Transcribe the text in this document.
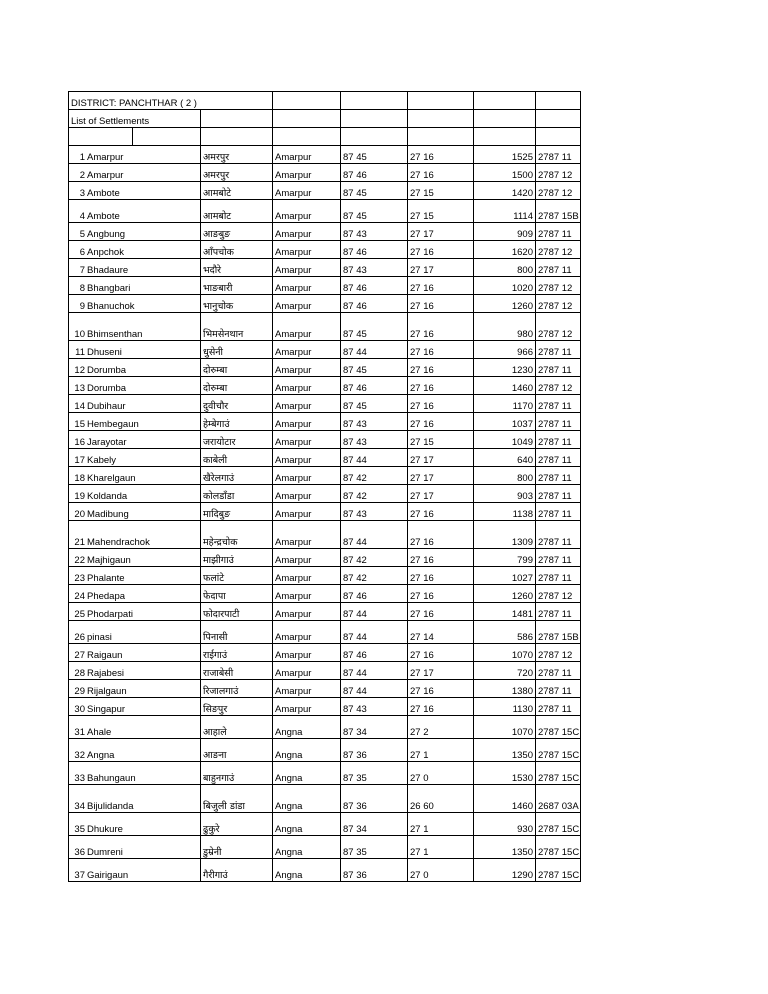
DISTRICT: PANCHTHAR ( 2 )							
List of Settlements							

1 Amarpur		अमरपुर	Amarpur	87 45	27 16	1525	2787 11
2 Amarpur		अमरपुर	Amarpur	87 46	27 16	1500	2787 12
3 Ambote		आमबोटे	Amarpur	87 45	27 15	1420	2787 12
4 Ambote		आमबोट	Amarpur	87 45	27 15	1114	2787 15B
5 Angbung		आङबुङ	Amarpur	87 43	27 17	909	2787 11
6 Anpchok		आँपचोक	Amarpur	87 46	27 16	1620	2787 12
7 Bhadaure		भदौरे	Amarpur	87 43	27 17	800	2787 11
8 Bhangbari		भाङबारी	Amarpur	87 46	27 16	1020	2787 12
9 Bhanuchok		भानुचोक	Amarpur	87 46	27 16	1260	2787 12
10 Bhimsenthan		भिमसेनथान	Amarpur	87 45	27 16	980	2787 12
11 Dhuseni		धुसेनी	Amarpur	87 44	27 16	966	2787 11
12 Dorumba		दोरुम्बा	Amarpur	87 45	27 16	1230	2787 11
13 Dorumba		दोरुम्बा	Amarpur	87 46	27 16	1460	2787 12
14 Dubihaur		दुवीचौर	Amarpur	87 45	27 16	1170	2787 11
15 Hembegaun		हेम्बेगाउं	Amarpur	87 43	27 16	1037	2787 11
16 Jarayotar		जरायोटार	Amarpur	87 43	27 15	1049	2787 11
17 Kabely		काबेली	Amarpur	87 44	27 17	640	2787 11
18 Kharelgaun		खैरेलगाउं	Amarpur	87 42	27 17	800	2787 11
19 Koldanda		कोलडाँडा	Amarpur	87 42	27 17	903	2787 11
20 Madibung		मादिबुङ	Amarpur	87 43	27 16	1138	2787 11
21 Mahendrachok		महेन्द्रचोक	Amarpur	87 44	27 16	1309	2787 11
22 Majhigaun		माझीगाउं	Amarpur	87 42	27 16	799	2787 11
23 Phalante		फलांटे	Amarpur	87 42	27 16	1027	2787 11
24 Phedapa		फेदापा	Amarpur	87 46	27 16	1260	2787 12
25 Phodarpati		फोदारपाटी	Amarpur	87 44	27 16	1481	2787 11
26 pinasi		पिनासी	Amarpur	87 44	27 14	586	2787 15B
27 Raigaun		राईगाउं	Amarpur	87 46	27 16	1070	2787 12
28 Rajabesi		राजाबेसी	Amarpur	87 44	27 17	720	2787 11
29 Rijalgaun		रिजालगाउं	Amarpur	87 44	27 16	1380	2787 11
30 Singapur		सिङपुर	Amarpur	87 43	27 16	1130	2787 11
31 Ahale		आहाले	Angna	87 34	27 2	1070	2787 15C
32 Angna		आङना	Angna	87 36	27 1	1350	2787 15C
33 Bahungaun		बाहुनगाउं	Angna	87 35	27 0	1530	2787 15C
34 Bijulidanda		बिजुली डांडा	Angna	87 36	26 60	1460	2687 03A
35 Dhukure		ढुकुरे	Angna	87 34	27 1	930	2787 15C
36 Dumreni		डुम्रेनी	Angna	87 35	27 1	1350	2787 15C
37 Gairigaun		गैरीगाउं	Angna	87 36	27 0	1290	2787 15C
